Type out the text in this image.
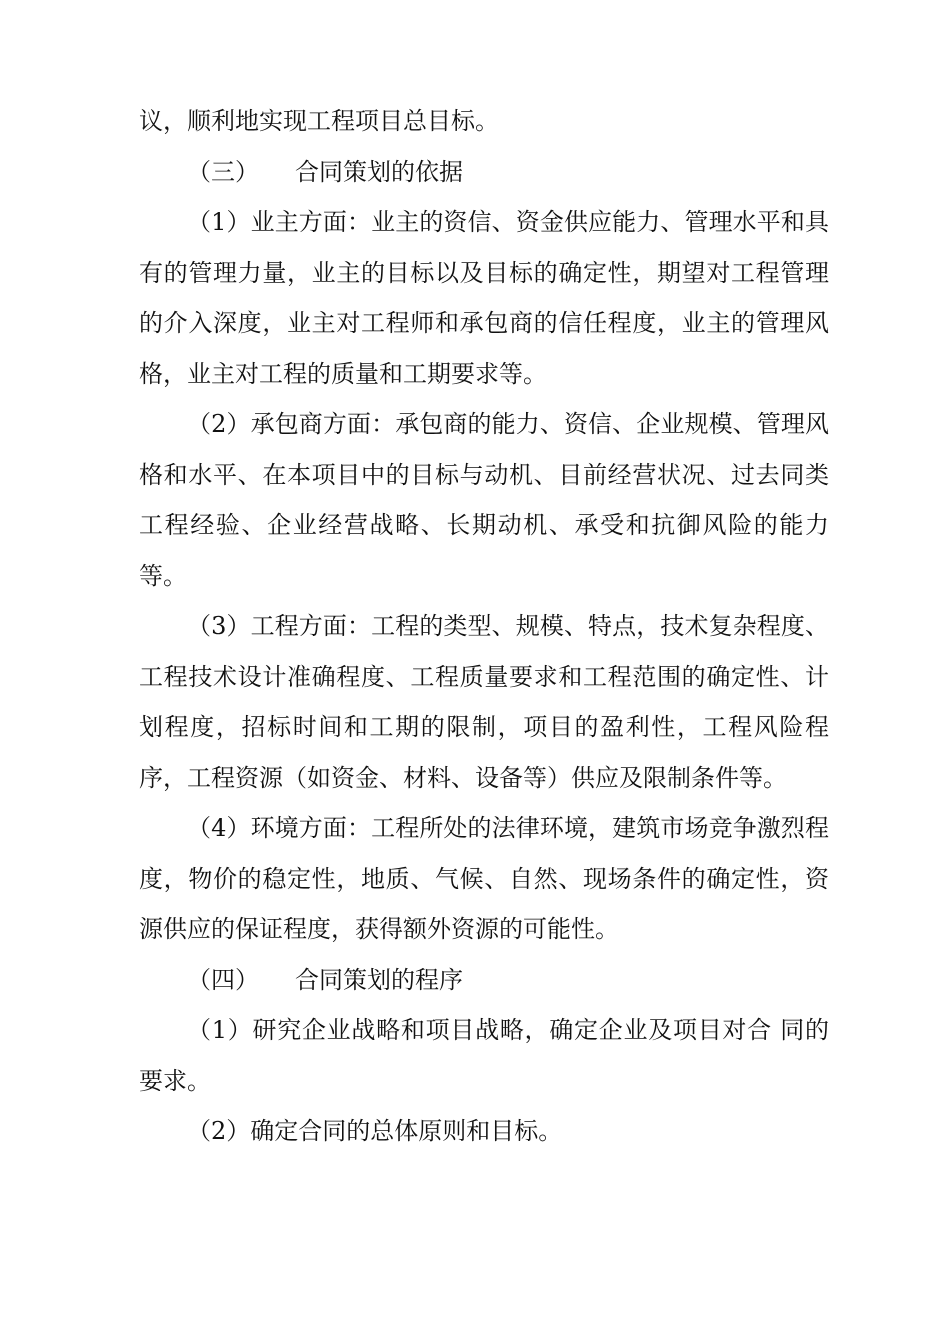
议，顺利地实现工程项目总目标。

（三） 合同策划的依据

（1）业主方面：业主的资信、资金供应能力、管理水平和具有的管理力量，业主的目标以及目标的确定性，期望对工程管理的介入深度，业主对工程师和承包商的信任程度，业主的管理风格，业主对工程的质量和工期要求等。

（2）承包商方面：承包商的能力、资信、企业规模、管理风格和水平、在本项目中的目标与动机、目前经营状况、过去同类工程经验、企业经营战略、长期动机、承受和抗御风险的能力等。

（3）工程方面：工程的类型、规模、特点，技术复杂程度、工程技术设计准确程度、工程质量要求和工程范围的确定性、计划程度，招标时间和工期的限制，项目的盈利性，工程风险程序，工程资源（如资金、材料、设备等）供应及限制条件等。

（4）环境方面：工程所处的法律环境，建筑市场竞争激烈程度，物价的稳定性，地质、气候、自然、现场条件的确定性，资源供应的保证程度，获得额外资源的可能性。

（四） 合同策划的程序

（1）研究企业战略和项目战略，确定企业及项目对合 同的要求。

（2）确定合同的总体原则和目标。
